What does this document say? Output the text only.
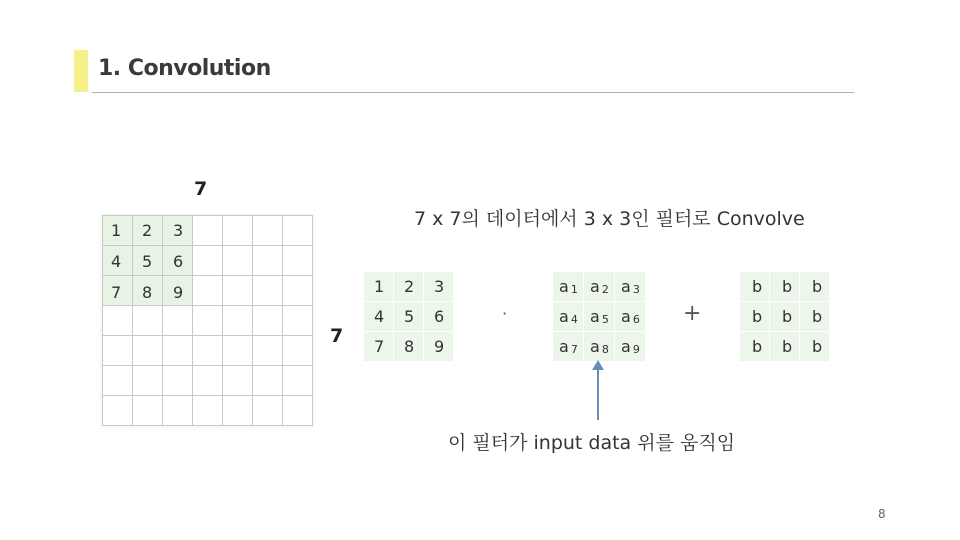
1. Convolution
1	2	3
4	5	6
7	8	9
7
7
7 x 7의 데이터에서 3 x 3인 필터로 Convolve
1	2	3
4	5	6
7	8	9
·
$a_1$ $a_2$ $a_3$
$a_4$ $a_5$ $a_6$
$a_7$ $a_8$ $a_9$
+
b	b	b
b	b	b
b	b	b
이 필터가 input data 위를 움직임
8
